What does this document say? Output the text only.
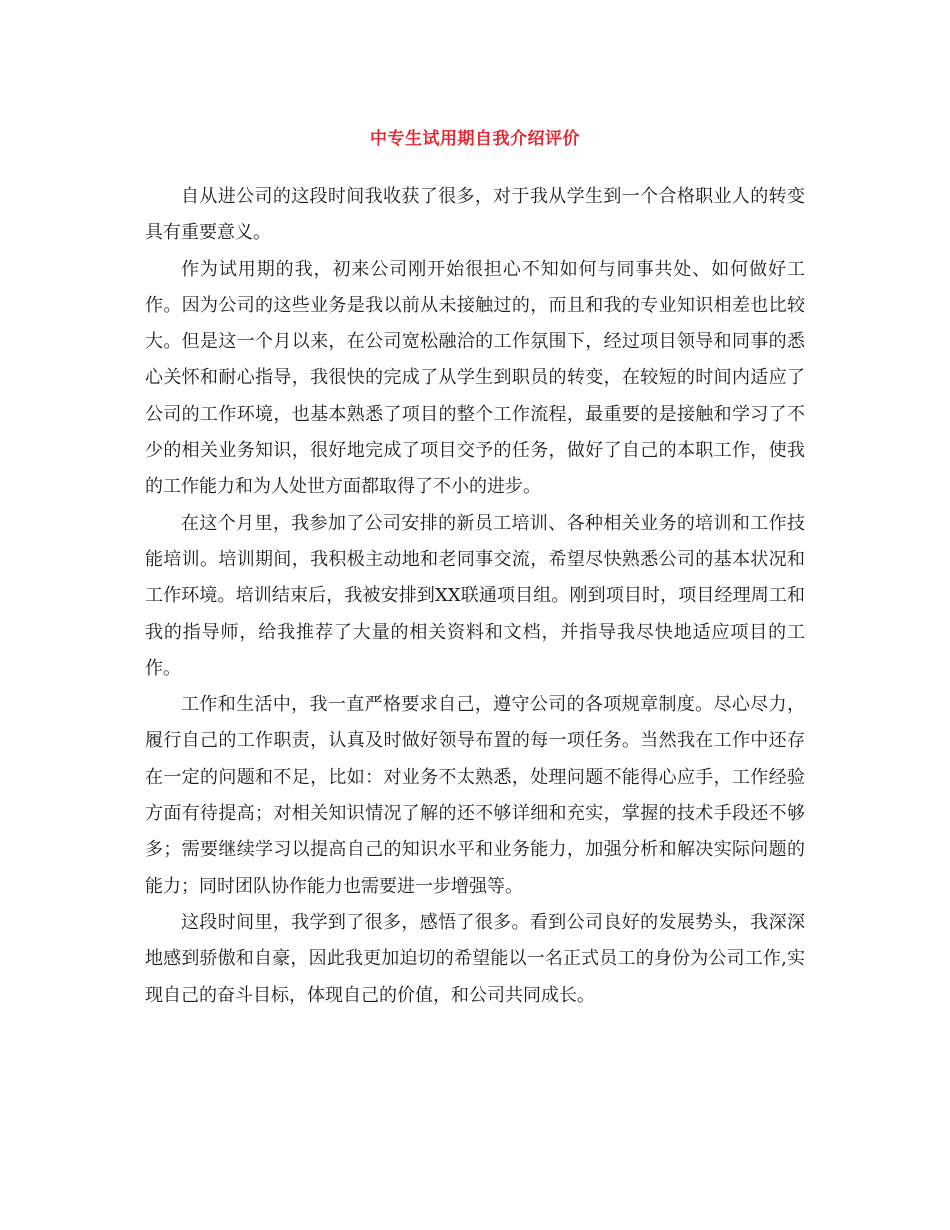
中专生试用期自我介绍评价

自从进公司的这段时间我收获了很多，对于我从学生到一个合格职业人的转变具有重要意义。

作为试用期的我，初来公司刚开始很担心不知如何与同事共处、如何做好工作。因为公司的这些业务是我以前从未接触过的，而且和我的专业知识相差也比较大。但是这一个月以来，在公司宽松融洽的工作氛围下，经过项目领导和同事的悉心关怀和耐心指导，我很快的完成了从学生到职员的转变，在较短的时间内适应了公司的工作环境，也基本熟悉了项目的整个工作流程，最重要的是接触和学习了不少的相关业务知识，很好地完成了项目交予的任务，做好了自己的本职工作，使我的工作能力和为人处世方面都取得了不小的进步。

在这个月里，我参加了公司安排的新员工培训、各种相关业务的培训和工作技能培训。培训期间，我积极主动地和老同事交流，希望尽快熟悉公司的基本状况和工作环境。培训结束后，我被安排到XX联通项目组。刚到项目时，项目经理周工和我的指导师，给我推荐了大量的相关资料和文档，并指导我尽快地适应项目的工作。

工作和生活中，我一直严格要求自己，遵守公司的各项规章制度。尽心尽力，履行自己的工作职责，认真及时做好领导布置的每一项任务。当然我在工作中还存在一定的问题和不足，比如：对业务不太熟悉，处理问题不能得心应手，工作经验方面有待提高；对相关知识情况了解的还不够详细和充实，掌握的技术手段还不够多；需要继续学习以提高自己的知识水平和业务能力，加强分析和解决实际问题的能力；同时团队协作能力也需要进一步增强等。

这段时间里，我学到了很多，感悟了很多。看到公司良好的发展势头，我深深地感到骄傲和自豪，因此我更加迫切的希望能以一名正式员工的身份为公司工作,实现自己的奋斗目标，体现自己的价值，和公司共同成长。
